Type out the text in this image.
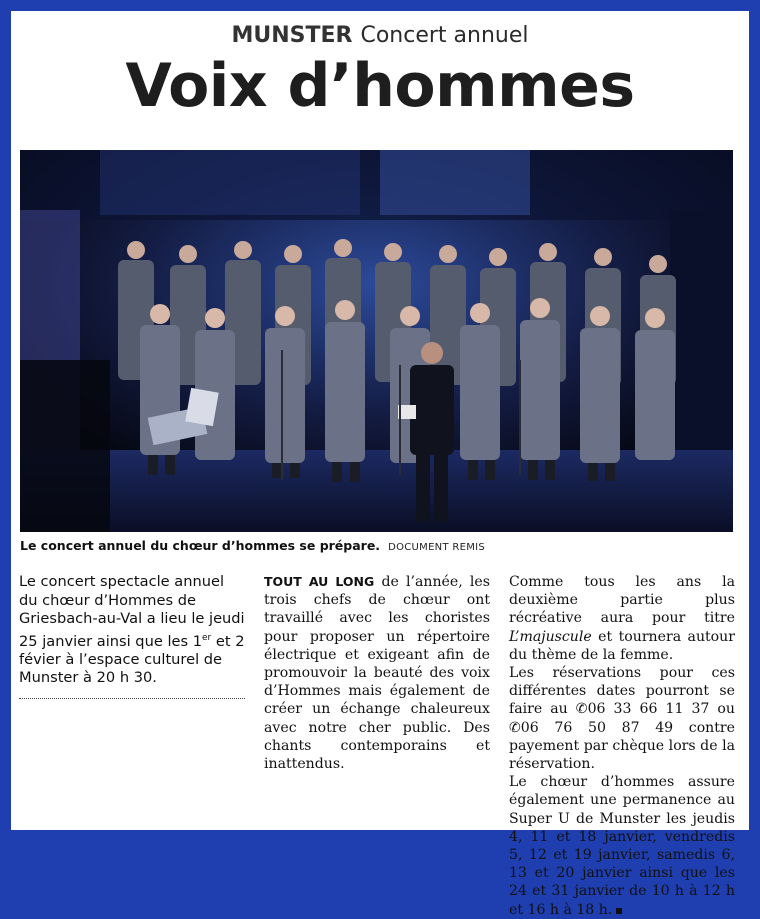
MUNSTER Concert annuel
Voix d’hommes
Le concert annuel du chœur d’hommes se prépare. DOCUMENT REMIS

Le concert spectacle annuel du chœur d’Hommes de Griesbach-au-Val a lieu le jeudi 25 janvier ainsi que les 1er et 2 févier à l’espace culturel de Munster à 20 h 30.

TOUT AU LONG de l’année, les trois chefs de chœur ont travaillé avec les choristes pour proposer un répertoire électrique et exigeant afin de promouvoir la beauté des voix d’Hommes mais également de créer un échange chaleureux avec notre cher public. Des chants contemporains et inattendus.

Comme tous les ans la deuxième partie plus récréative aura pour titre L’majuscule et tournera autour du thème de la femme.

Les réservations pour ces différentes dates pourront se faire au ✆06 33 66 11 37 ou ✆06 76 50 87 49 contre payement par chèque lors de la réservation.

Le chœur d’hommes assure également une permanence au Super U de Munster les jeudis 4, 11 et 18 janvier, vendredis 5, 12 et 19 janvier, samedis 6, 13 et 20 janvier ainsi que les 24 et 31 janvier de 10 h à 12 h et 16 h à 18 h.
